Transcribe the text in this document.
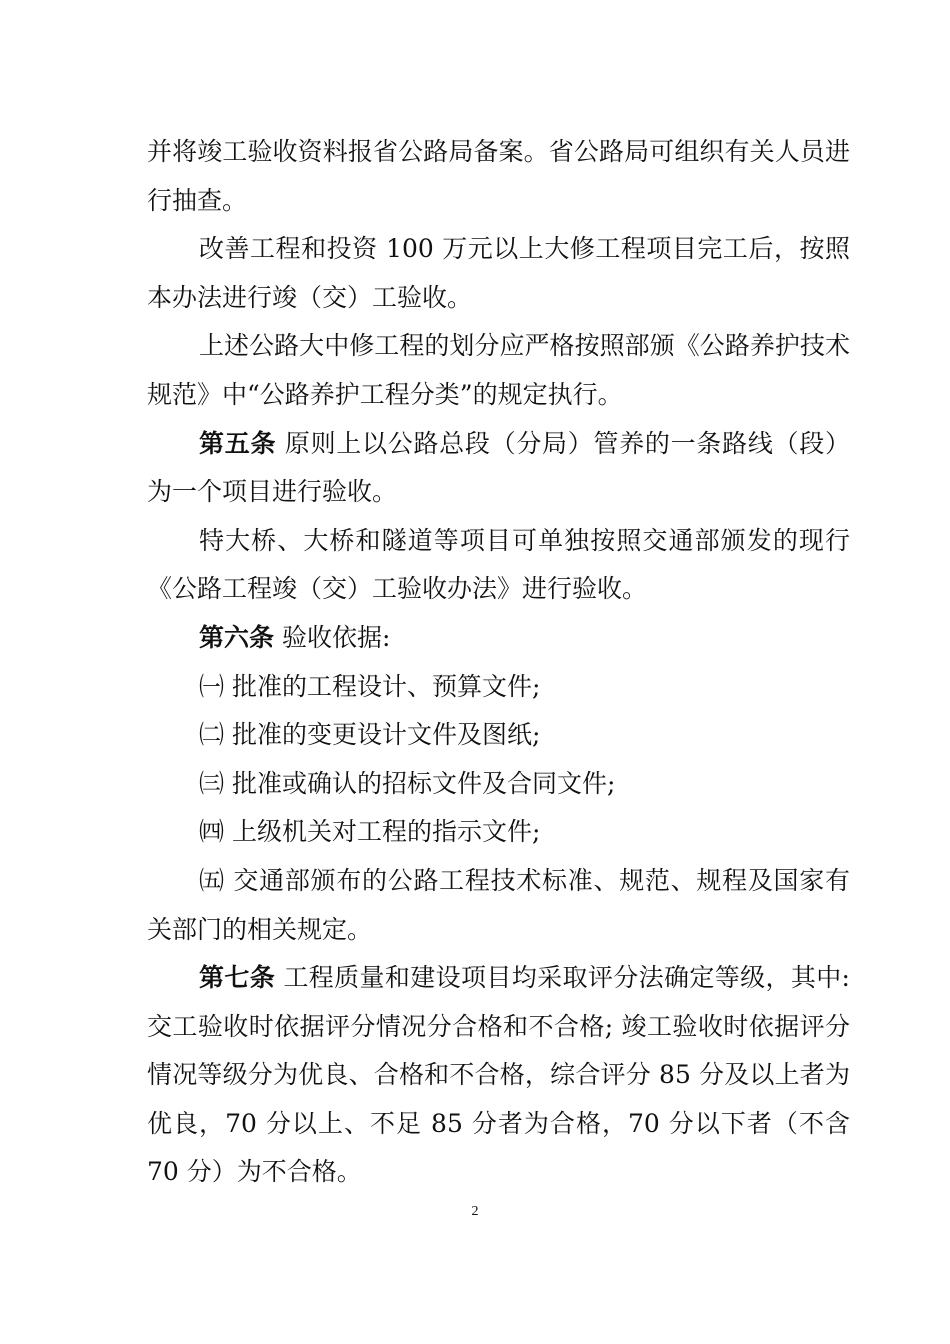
并将竣工验收资料报省公路局备案。省公路局可组织有关人员进行抽查。

改善工程和投资 100 万元以上大修工程项目完工后，按照本办法进行竣（交）工验收。

上述公路大中修工程的划分应严格按照部颁《公路养护技术规范》中“公路养护工程分类”的规定执行。

第五条 原则上以公路总段（分局）管养的一条路线（段）为一个项目进行验收。

特大桥、大桥和隧道等项目可单独按照交通部颁发的现行《公路工程竣（交）工验收办法》进行验收。

第六条 验收依据:

㈠ 批准的工程设计、预算文件;

㈡ 批准的变更设计文件及图纸;

㈢ 批准或确认的招标文件及合同文件;

㈣ 上级机关对工程的指示文件;

㈤ 交通部颁布的公路工程技术标准、规范、规程及国家有关部门的相关规定。

第七条 工程质量和建设项目均采取评分法确定等级，其中:交工验收时依据评分情况分合格和不合格; 竣工验收时依据评分情况等级分为优良、合格和不合格，综合评分 85 分及以上者为优良，70 分以上、不足 85 分者为合格，70 分以下者（不含 70 分）为不合格。

2
